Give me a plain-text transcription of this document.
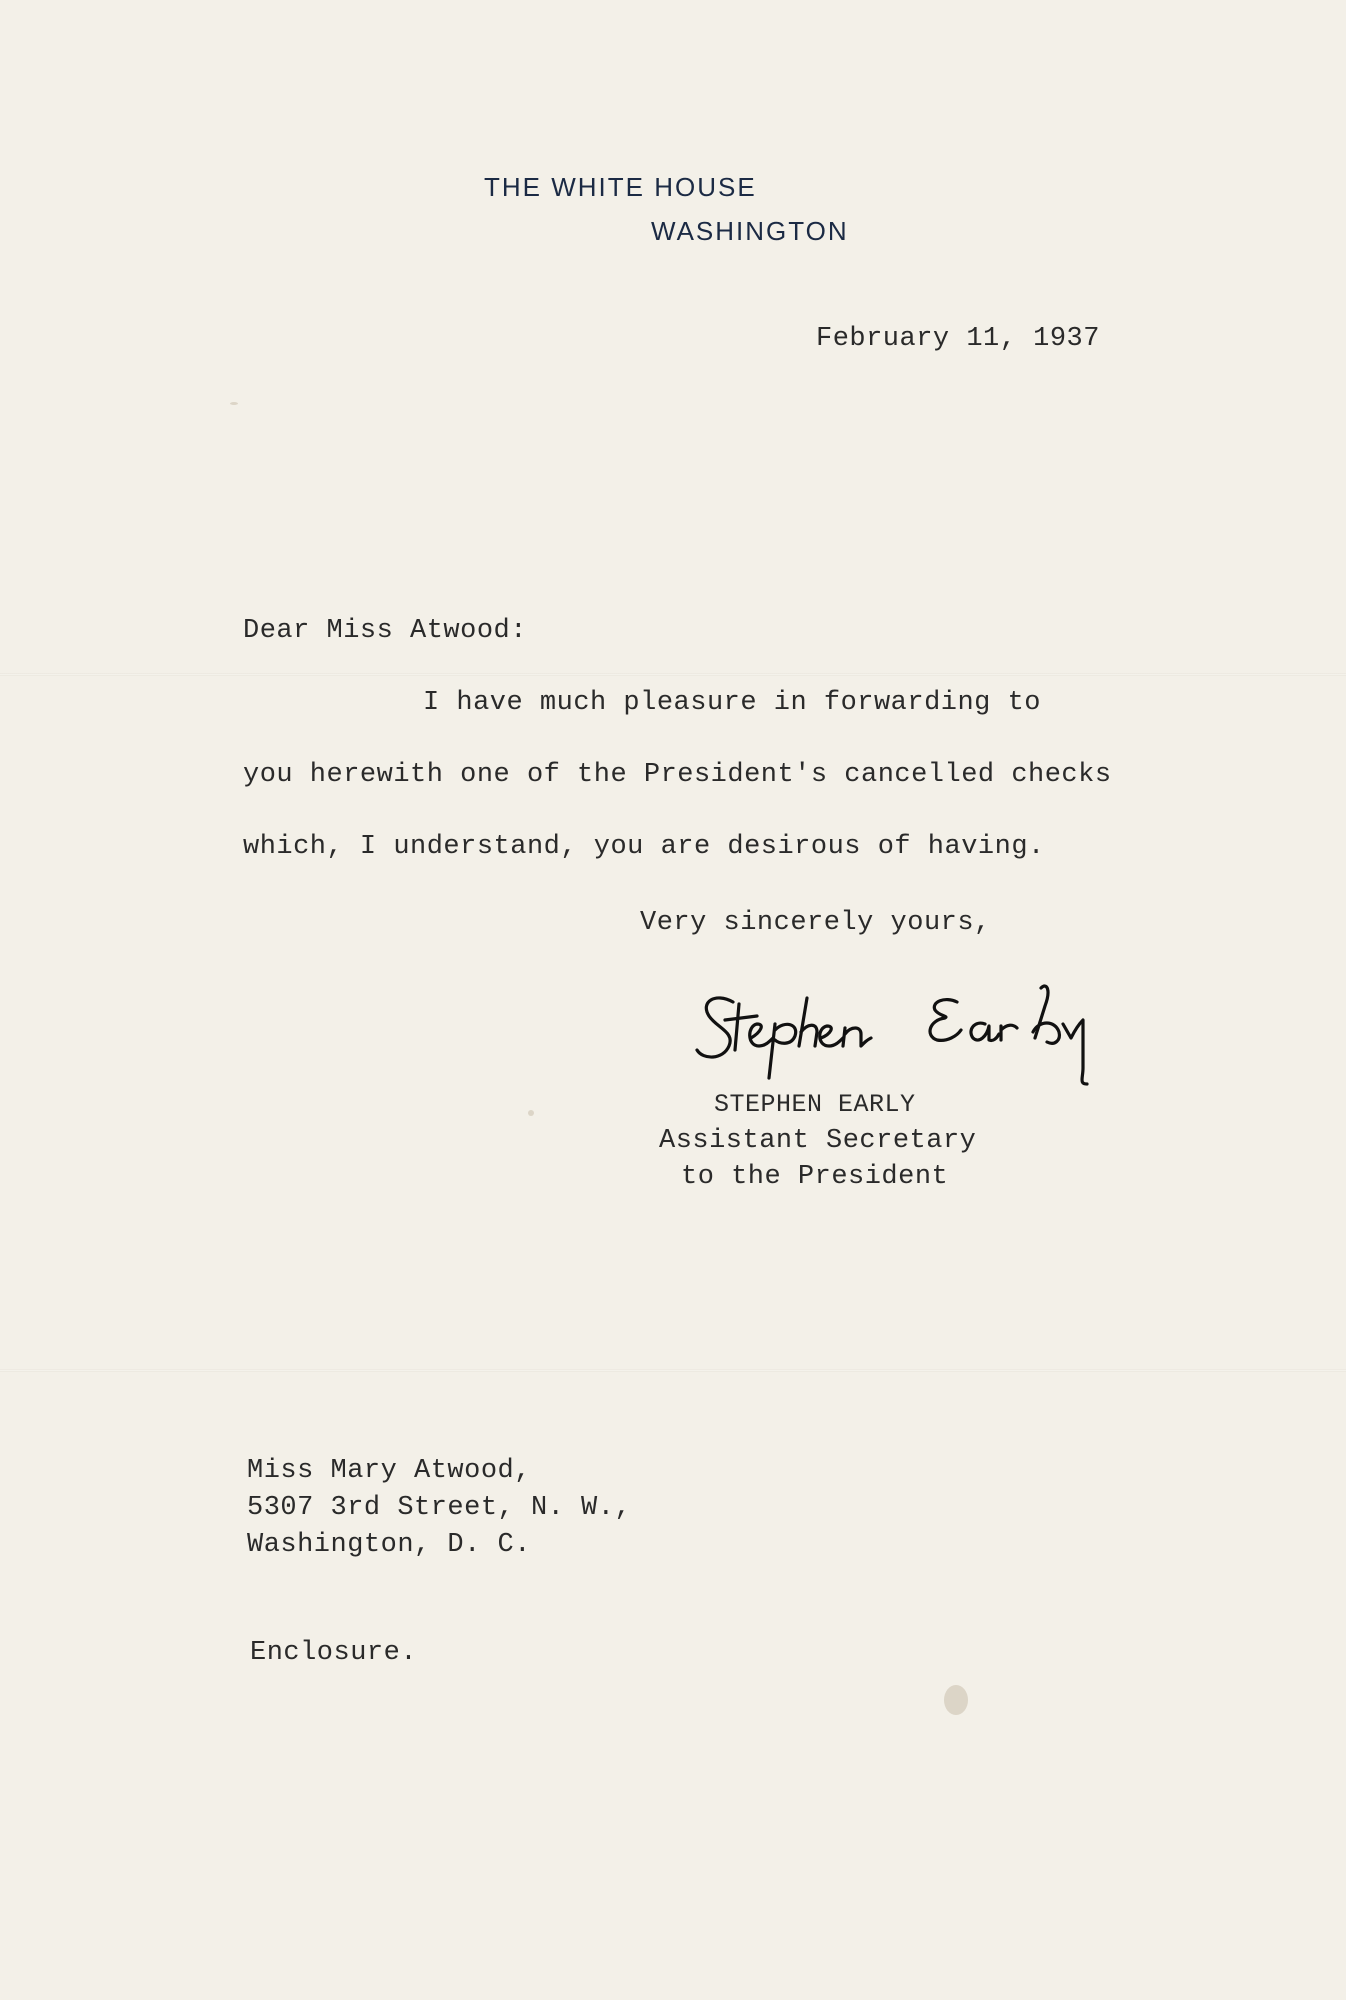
THE WHITE HOUSE
WASHINGTON
February 11, 1937
Dear Miss Atwood:
I have much pleasure in forwarding to
you herewith one of the President's cancelled checks
which, I understand, you are desirous of having.
Very sincerely yours,
STEPHEN EARLY
Assistant Secretary
to the President
Miss Mary Atwood,
5307 3rd Street, N. W.,
Washington, D. C.
Enclosure.
